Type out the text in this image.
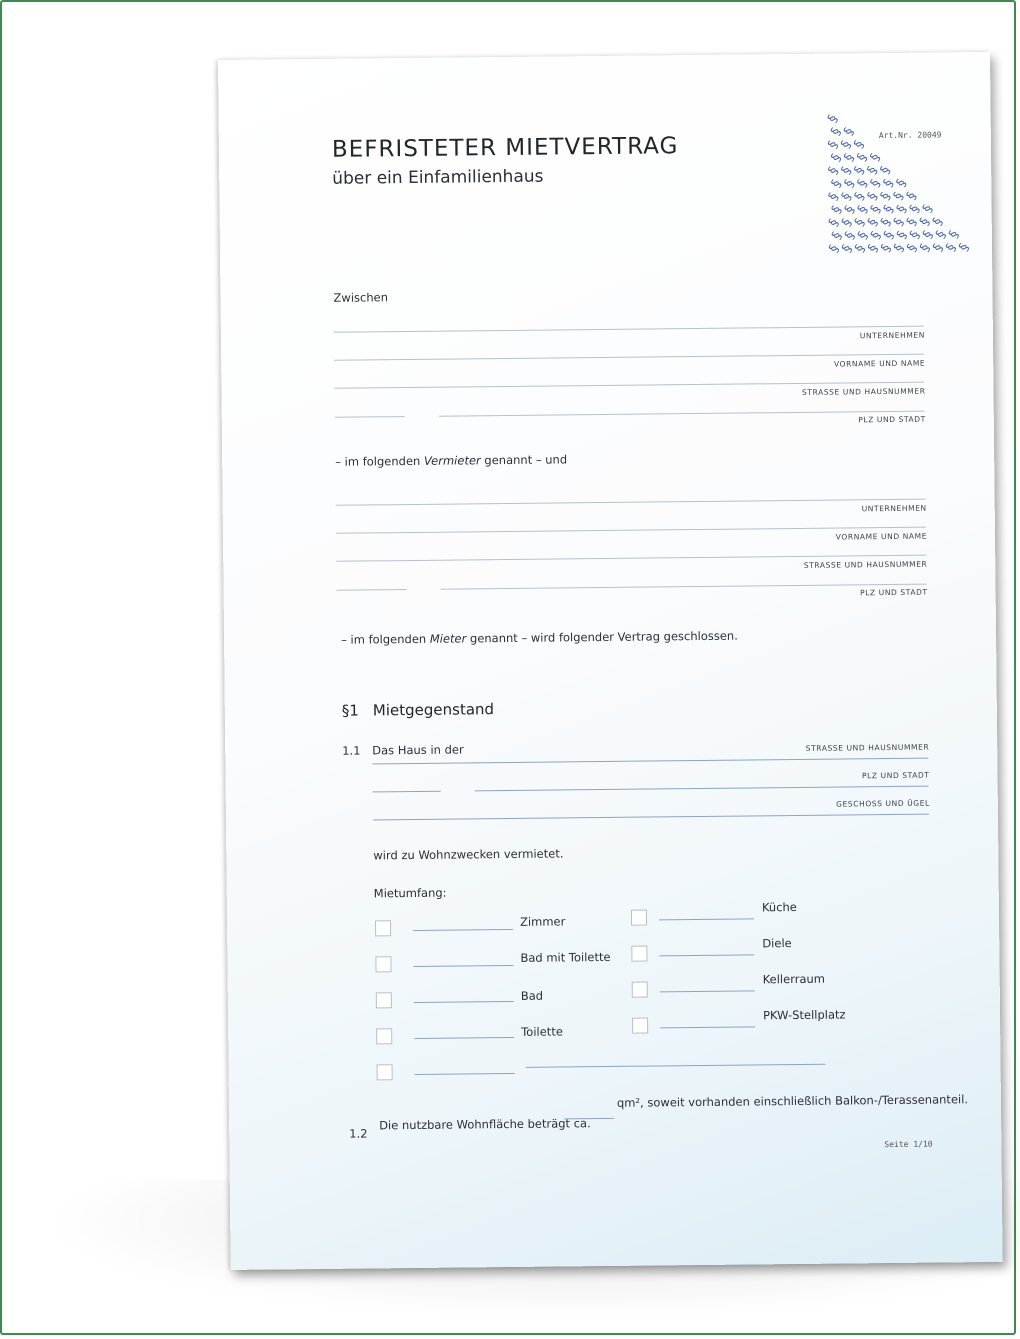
BEFRISTETER MIETVERTRAG
über ein Einfamilienhaus
Art.Nr. 20049
§
§
§
§
§
§
§
§
§
§
§
§
§
§
§
§
§
§
§
§
§
§
§
§
§
§
§
§
§
§
§
§
§
§
§
§
§
§
§
§
§
§
§
§
§
§
§
§
§
§
§
§
§
§
§
§
§
§
§
§
§
§
§
§
§
§
Zwischen
UNTERNEHMEN
VORNAME UND NAME
STRASSE UND HAUSNUMMER
PLZ UND STADT
– im folgenden Vermieter genannt – und
UNTERNEHMEN
VORNAME UND NAME
STRASSE UND HAUSNUMMER
PLZ UND STADT
– im folgenden Mieter genannt – wird folgender Vertrag geschlossen.
§1 Mietgegenstand
1.1 Das Haus in der	STRASSE UND HAUSNUMMER
PLZ UND STADT
GESCHOSS UND ÜGEL
wird zu Wohnzwecken vermietet.
Mietumfang:
Zimmer
Bad mit Toilette
Bad
Toilette
Küche
Diele
Kellerraum
PKW-Stellplatz
1.2
Die nutzbare Wohnfläche beträgt ca.
qm², soweit vorhanden einschließlich Balkon-/Terassenanteil.
Seite 1/10
